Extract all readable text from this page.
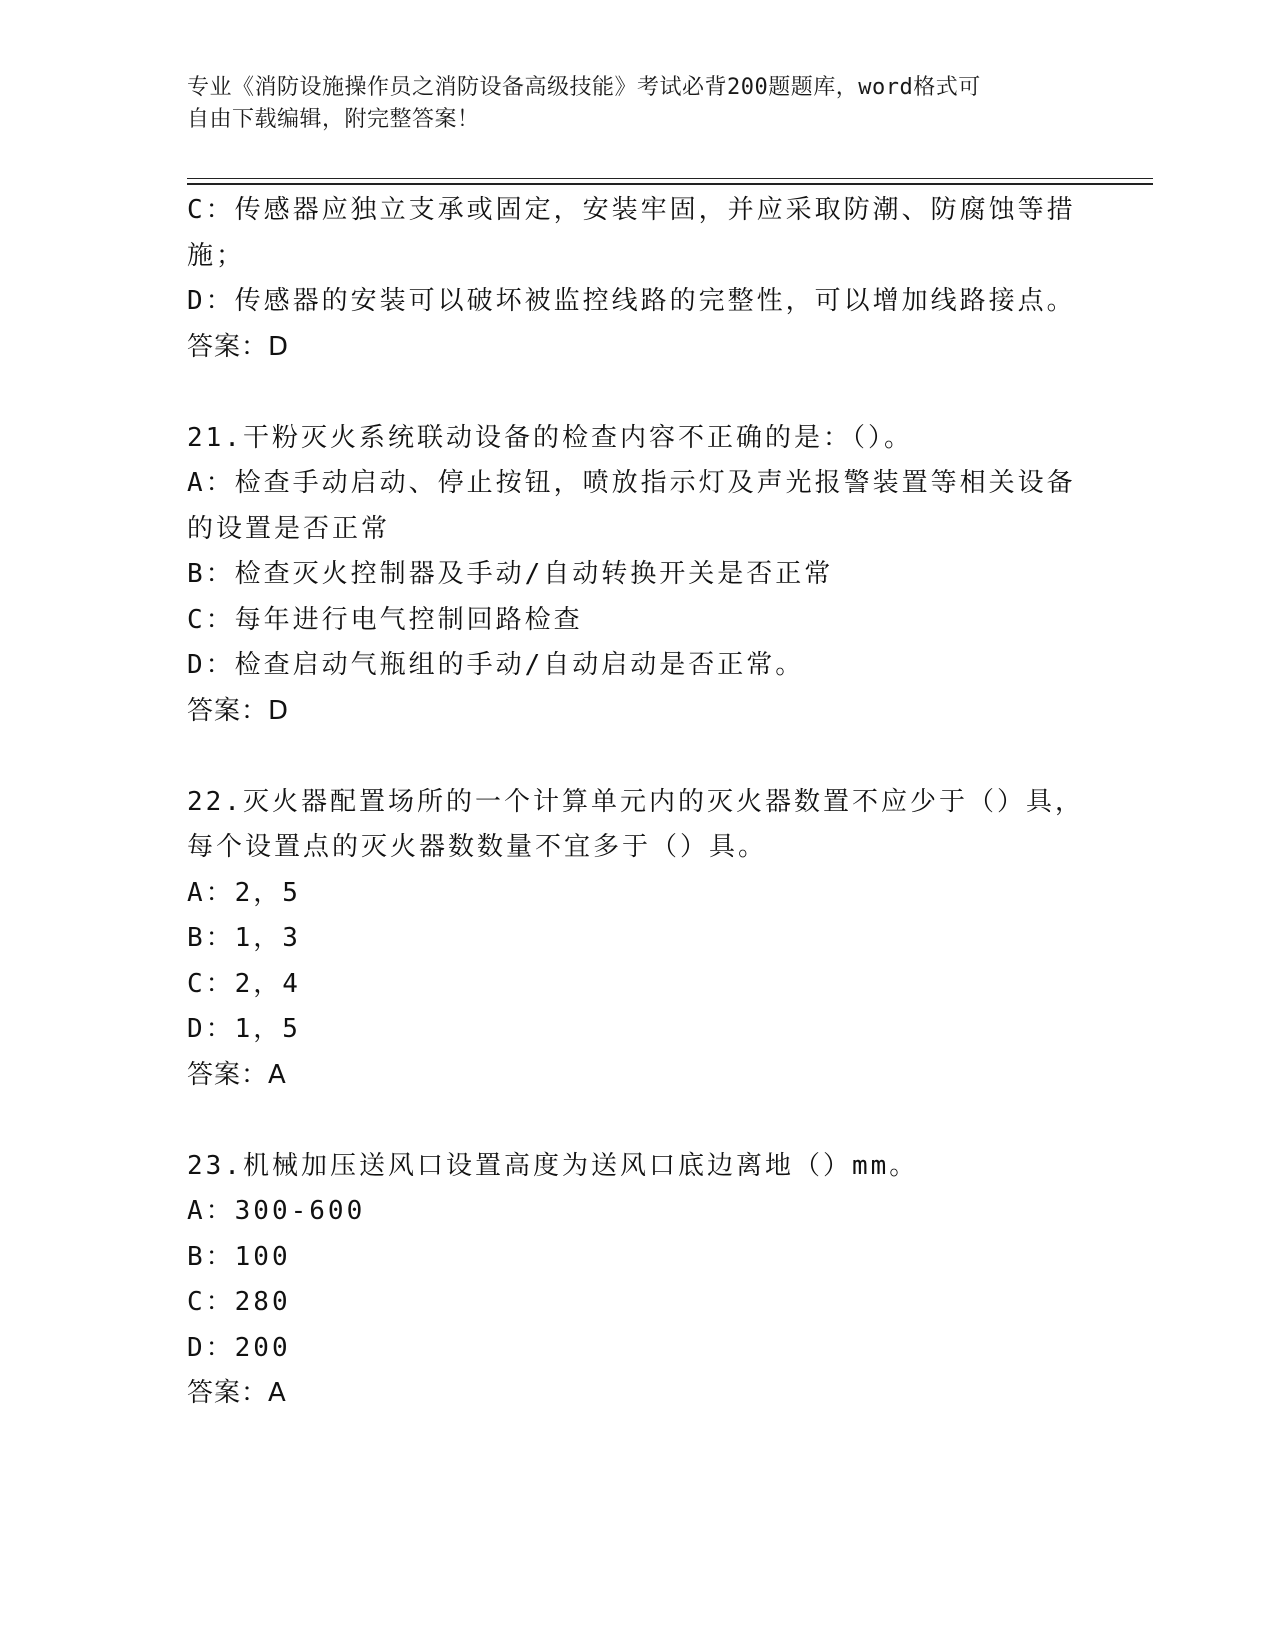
专业《消防设施操作员之消防设备高级技能》考试必背200题题库，word格式可
自由下载编辑，附完整答案！
C：传感器应独立支承或固定，安装牢固，并应采取防潮、防腐蚀等措
施；
D：传感器的安装可以破坏被监控线路的完整性，可以增加线路接点。
答案：D
21.干粉灭火系统联动设备的检查内容不正确的是：（）。
A：检查手动启动、停止按钮，喷放指示灯及声光报警装置等相关设备
的设置是否正常
B：检查灭火控制器及手动/自动转换开关是否正常
C：每年进行电气控制回路检查
D：检查启动气瓶组的手动/自动启动是否正常。
答案：D
22.灭火器配置场所的一个计算单元内的灭火器数置不应少于（）具，
每个设置点的灭火器数数量不宜多于（）具。
A：2，5
B：1，3
C：2，4
D：1，5
答案：A
23.机械加压送风口设置高度为送风口底边离地（）mm。
A：300-600
B：100
C：280
D：200
答案：A
